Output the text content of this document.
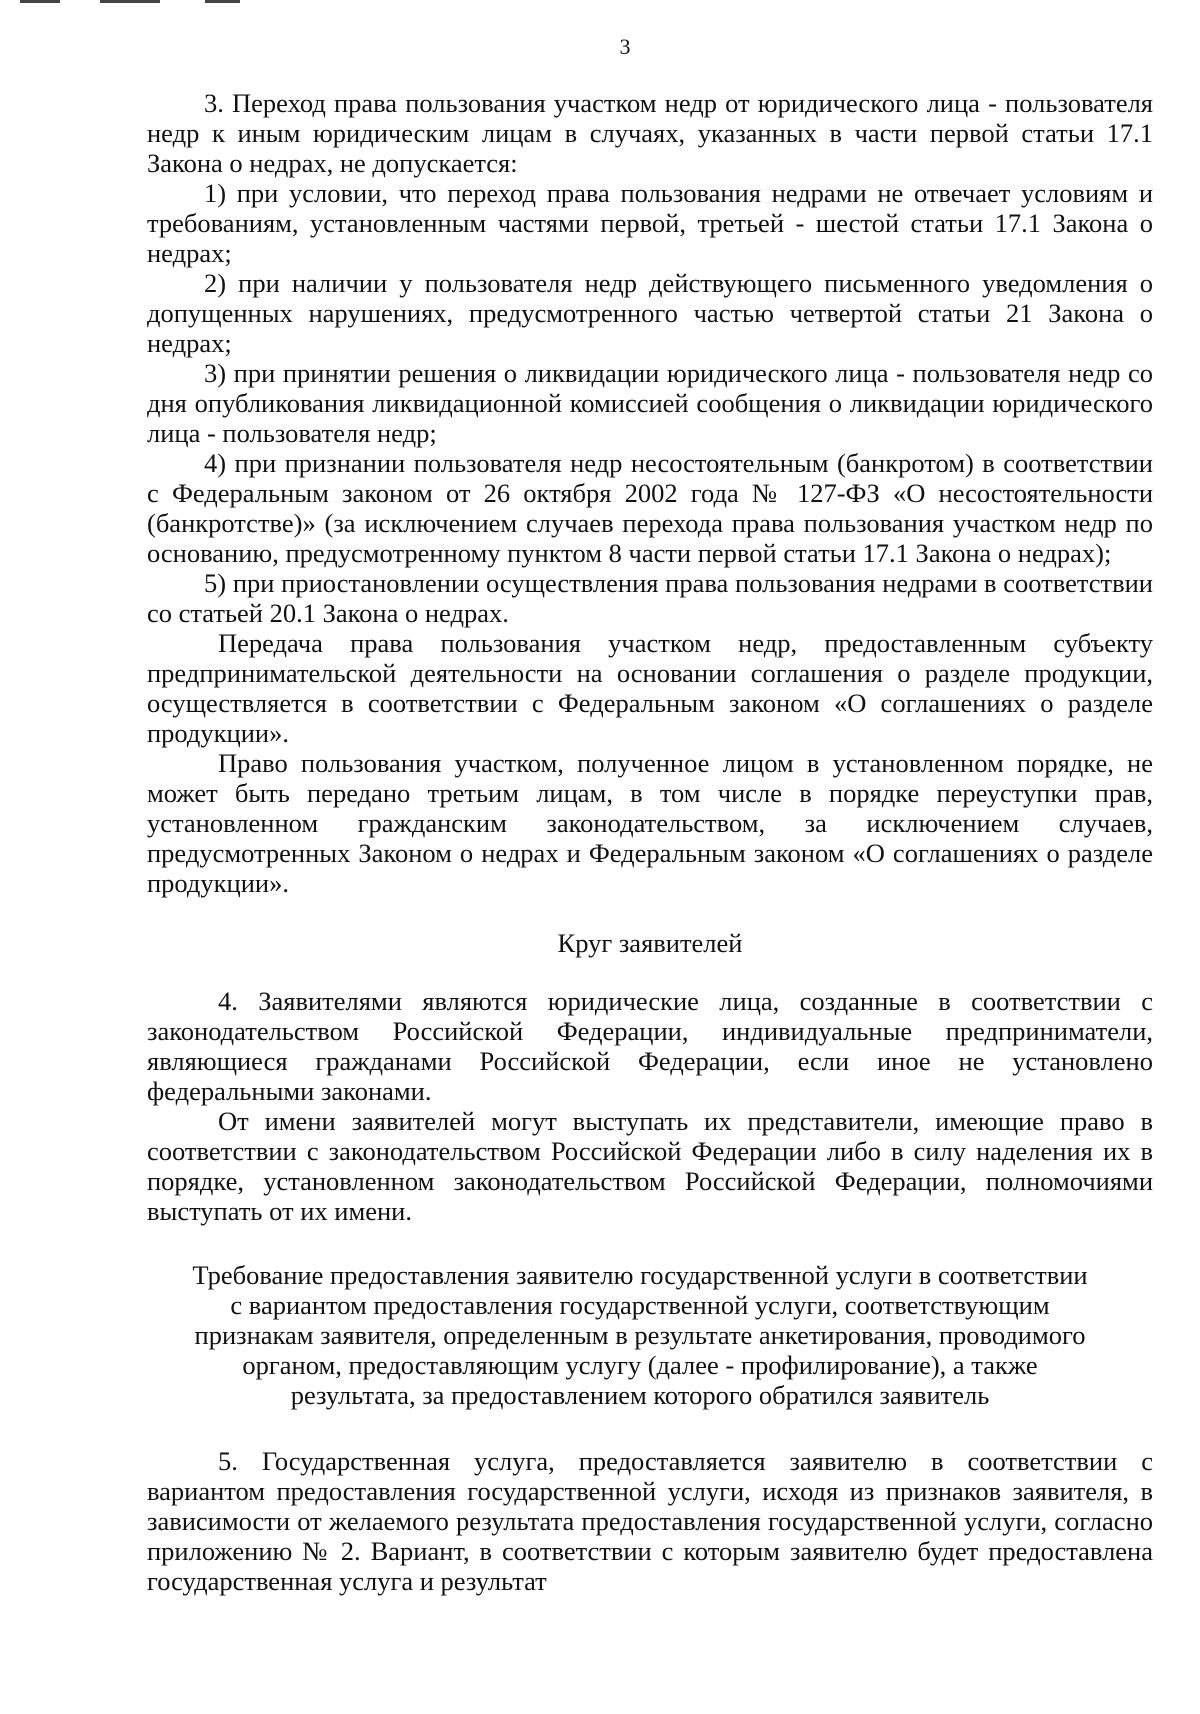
3

3. Переход права пользования участком недр от юридического лица - пользователя недр к иным юридическим лицам в случаях, указанных в части первой статьи 17.1 Закона о недрах, не допускается:

1) при условии, что переход права пользования недрами не отвечает условиям и требованиям, установленным частями первой, третьей - шестой статьи 17.1 Закона о недрах;

2) при наличии у пользователя недр действующего письменного уведомления о допущенных нарушениях, предусмотренного частью четвертой статьи 21 Закона о недрах;

3) при принятии решения о ликвидации юридического лица - пользователя недр со дня опубликования ликвидационной комиссией сообщения о ликвидации юридического лица - пользователя недр;

4) при признании пользователя недр несостоятельным (банкротом) в соответствии с Федеральным законом от 26 октября 2002 года № 127-ФЗ «О несостоятельности (банкротстве)» (за исключением случаев перехода права пользования участком недр по основанию, предусмотренному пунктом 8 части первой статьи 17.1 Закона о недрах);

5) при приостановлении осуществления права пользования недрами в соответствии со статьей 20.1 Закона о недрах.

Передача права пользования участком недр, предоставленным субъекту предпринимательской деятельности на основании соглашения о разделе продукции, осуществляется в соответствии с Федеральным законом «О соглашениях о разделе продукции».

Право пользования участком, полученное лицом в установленном порядке, не может быть передано третьим лицам, в том числе в порядке переуступки прав, установленном гражданским законодательством, за исключением случаев, предусмотренных Законом о недрах и Федеральным законом «О соглашениях о разделе продукции».

Круг заявителей

4. Заявителями являются юридические лица, созданные в соответствии с законодательством Российской Федерации, индивидуальные предприниматели, являющиеся гражданами Российской Федерации, если иное не установлено федеральными законами.

От имени заявителей могут выступать их представители, имеющие право в соответствии с законодательством Российской Федерации либо в силу наделения их в порядке, установленном законодательством Российской Федерации, полномочиями выступать от их имени.

Требование предоставления заявителю государственной услуги в соответствии с вариантом предоставления государственной услуги, соответствующим признакам заявителя, определенным в результате анкетирования, проводимого органом, предоставляющим услугу (далее - профилирование), а также результата, за предоставлением которого обратился заявитель

5. Государственная услуга, предоставляется заявителю в соответствии с вариантом предоставления государственной услуги, исходя из признаков заявителя, в зависимости от желаемого результата предоставления государственной услуги, согласно приложению № 2. Вариант, в соответствии с которым заявителю будет предоставлена государственная услуга и результат
